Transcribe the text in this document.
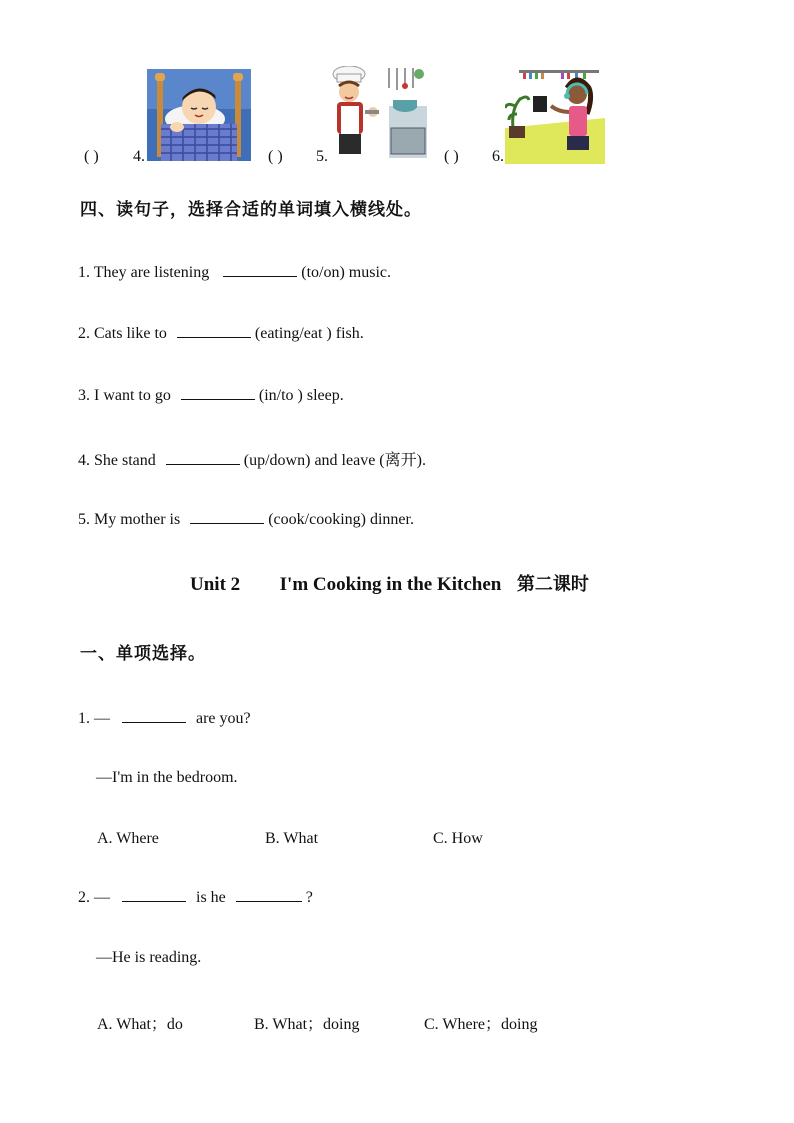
( ) 4.	( ) 5.	( ) 6.
四、读句子，选择合适的单词填入横线处。
1. They are listening	(to/on) music.
2. Cats like to	(eating/eat ) fish.
3. I want to go	(in/to ) sleep.
4. She stand	(up/down) and leave (离开).
5. My mother is	(cook/cooking) dinner.
Unit 2 I'm Cooking in the Kitchen 第二课时
一、单项选择。
1. —	are you?
—I'm in the bedroom.
A. Where	B. What	C. How
2. —	is he	?
—He is reading.
A. What；do	B. What；doing	C. Where；doing
